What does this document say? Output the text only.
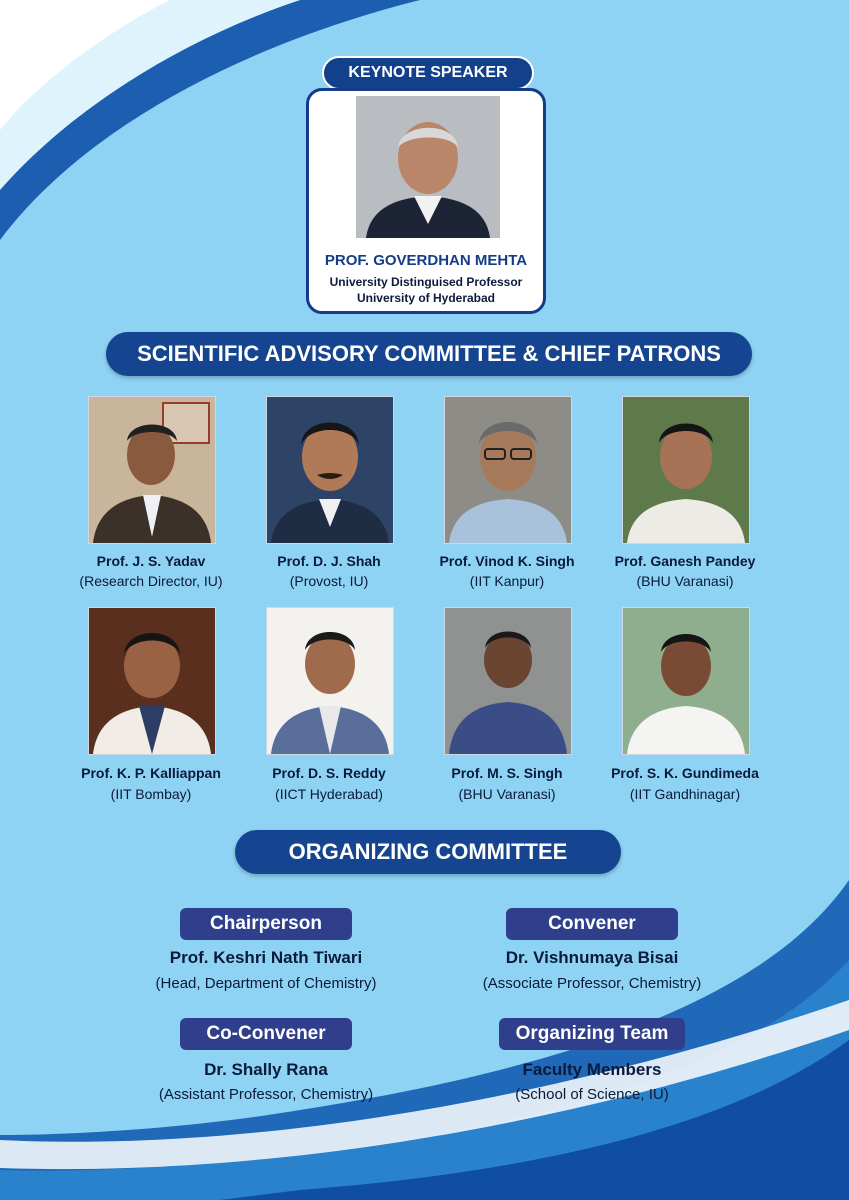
KEYNOTE SPEAKER
PROF. GOVERDHAN MEHTA
University Distinguised Professor
University of Hyderabad
SCIENTIFIC ADVISORY COMMITTEE & CHIEF PATRONS
Prof. J. S. Yadav
(Research Director, IU)
Prof. D. J. Shah
(Provost, IU)
Prof. Vinod K. Singh
(IIT Kanpur)
Prof. Ganesh Pandey
(BHU Varanasi)
Prof. K. P. Kalliappan
(IIT Bombay)
Prof. D. S. Reddy
(IICT Hyderabad)
Prof. M. S. Singh
(BHU Varanasi)
Prof. S. K. Gundimeda
(IIT Gandhinagar)
ORGANIZING COMMITTEE
Chairperson
Prof. Keshri Nath Tiwari
(Head, Department of Chemistry)
Convener
Dr. Vishnumaya Bisai
(Associate Professor, Chemistry)
Co-Convener
Dr. Shally Rana
(Assistant Professor, Chemistry)
Organizing Team
Faculty Members
(School of Science, IU)
